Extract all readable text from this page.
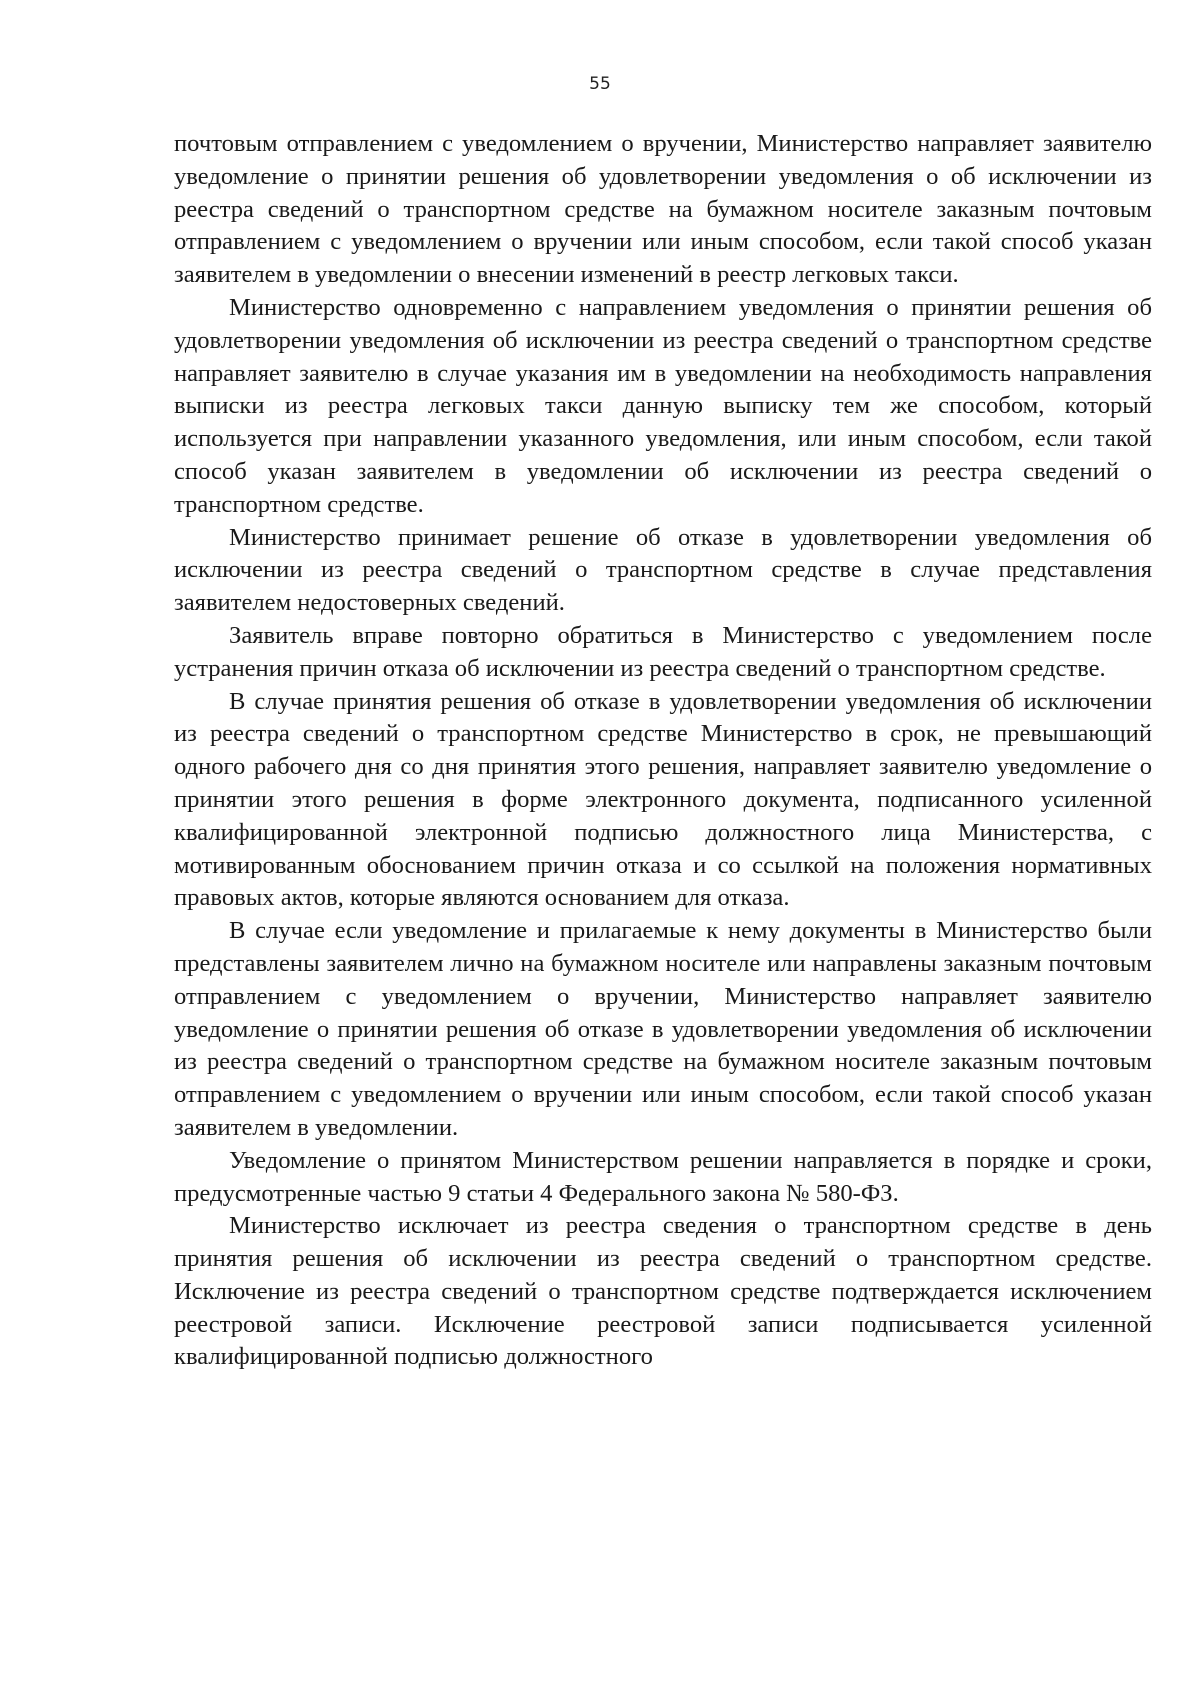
55

почтовым отправлением с уведомлением о вручении, Министерство направляет заявителю уведомление о принятии решения об удовлетворении уведомления о об исключении из реестра сведений о транспортном средстве на бумажном носителе заказным почтовым отправлением с уведомлением о вручении или иным способом, если такой способ указан заявителем в уведомлении о внесении изменений в реестр легковых такси.

Министерство одновременно с направлением уведомления о принятии решения об удовлетворении уведомления об исключении из реестра сведений о транспортном средстве направляет заявителю в случае указания им в уведомлении на необходимость направления выписки из реестра легковых такси данную выписку тем же способом, который используется при направлении указанного уведомления, или иным способом, если такой способ указан заявителем в уведомлении об исключении из реестра сведений о транспортном средстве.

Министерство принимает решение об отказе в удовлетворении уведомления об исключении из реестра сведений о транспортном средстве в случае представления заявителем недостоверных сведений.

Заявитель вправе повторно обратиться в Министерство с уведомлением после устранения причин отказа об исключении из реестра сведений о транспортном средстве.

В случае принятия решения об отказе в удовлетворении уведомления об исключении из реестра сведений о транспортном средстве Министерство в срок, не превышающий одного рабочего дня со дня принятия этого решения, направляет заявителю уведомление о принятии этого решения в форме электронного документа, подписанного усиленной квалифицированной электронной подписью должностного лица Министерства, с мотивированным обоснованием причин отказа и со ссылкой на положения нормативных правовых актов, которые являются основанием для отказа.

В случае если уведомление и прилагаемые к нему документы в Министерство были представлены заявителем лично на бумажном носителе или направлены заказным почтовым отправлением с уведомлением о вручении, Министерство направляет заявителю уведомление о принятии решения об отказе в удовлетворении уведомления об исключении из реестра сведений о транспортном средстве на бумажном носителе заказным почтовым отправлением с уведомлением о вручении или иным способом, если такой способ указан заявителем в уведомлении.

Уведомление о принятом Министерством решении направляется в порядке и сроки, предусмотренные частью 9 статьи 4 Федерального закона № 580-ФЗ.

Министерство исключает из реестра сведения о транспортном средстве в день принятия решения об исключении из реестра сведений о транспортном средстве. Исключение из реестра сведений о транспортном средстве подтверждается исключением реестровой записи. Исключение реестровой записи подписывается усиленной квалифицированной подписью должностного
